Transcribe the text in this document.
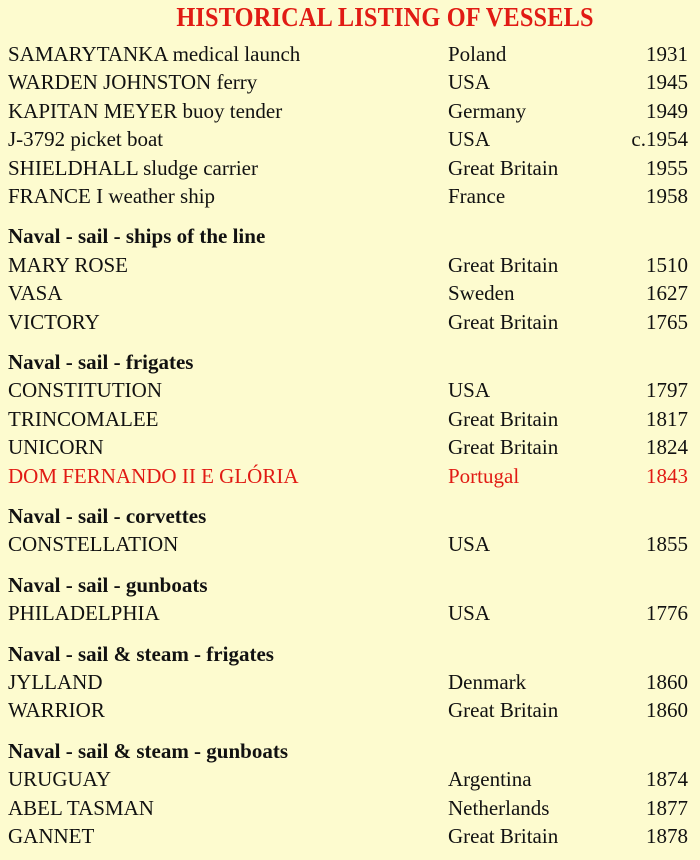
HISTORICAL LISTING OF VESSELS
SAMARYTANKA medical launch	Poland	1931
WARDEN JOHNSTON ferry	USA	1945
KAPITAN MEYER buoy tender	Germany	1949
J-3792 picket boat	USA	c.1954
SHIELDHALL sludge carrier	Great Britain	1955
FRANCE I weather ship	France	1958
Naval - sail - ships of the line
MARY ROSE	Great Britain	1510
VASA	Sweden	1627
VICTORY	Great Britain	1765
Naval - sail - frigates
CONSTITUTION	USA	1797
TRINCOMALEE	Great Britain	1817
UNICORN	Great Britain	1824
DOM FERNANDO II E GLÓRIA	Portugal	1843
Naval - sail - corvettes
CONSTELLATION	USA	1855
Naval - sail - gunboats
PHILADELPHIA	USA	1776
Naval - sail & steam - frigates
JYLLAND	Denmark	1860
WARRIOR	Great Britain	1860
Naval - sail & steam - gunboats
URUGUAY	Argentina	1874
ABEL TASMAN	Netherlands	1877
GANNET	Great Britain	1878
